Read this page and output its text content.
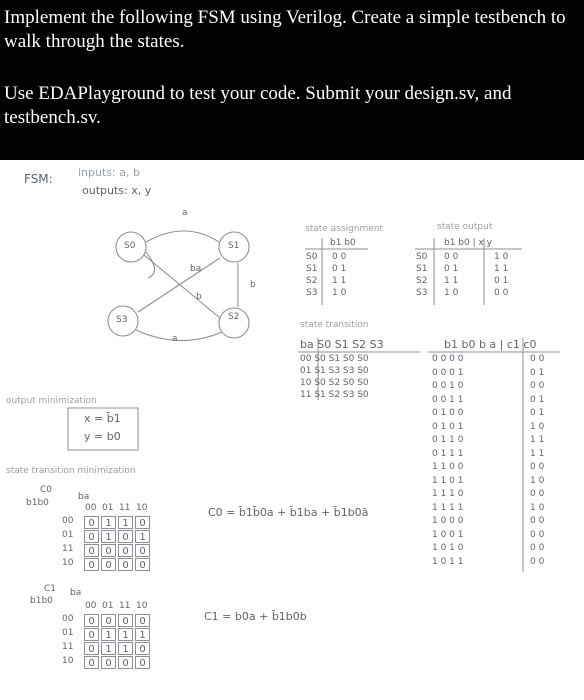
Implement the following FSM using Verilog. Create a simple testbench to walk through the states.

Use EDAPlayground to test your code. Submit your design.sv, and testbench.sv.

FSM: inputs: a, b
outputs: x, y
S0	S1
S2
S3
a
b
ba
b
a
state assignment
b1 b0
state output
b1 b0 | x y
state transition
ba S0 S1 S2 S3	b1 b0 b a | c1 c0
output minimization
x = b̄1
y = b0
state transition minimization
C0
b1b0
ba
C0 = b̄1b̄0a + b̄1ba + b̄1b0ā
C1
b1b0
ba
C1 = b0a + b̄1b0b
S0 0 0
S1 0 1
S2 1 1
S3 1 0
S0 0 0	1 0
S1 0 1	1 1
S2 1 1	0 1
S3 1 0	0 0
00 S0 S1 S0 S0
01 S1 S3 S3 S0
10 S0 S2 S0 S0
11 S1 S2 S3 S0
0 0 0 0	0 0
0 0 0 1	0 1
0 0 1 0	0 0
0 0 1 1	0 1
0 1 0 0	0 1
0 1 0 1	1 0
0 1 1 0	1 1
0 1 1 1	1 1
1 1 0 0	0 0
1 1 0 1	1 0
1 1 1 0	0 0
1 1 1 1	1 0
1 0 0 0	0 0
1 0 0 1	0 0
1 0 1 0	0 0
1 0 1 1	0 0
00 01 11 10
00	0	1	1	0
01	0	1	0	1
11	0	0	0	0
10	0	0	0	0
00 01 11 10
00	0	0	0	0
01	0	1	1	1
11	0	1	1	0
10	0	0	0	0
